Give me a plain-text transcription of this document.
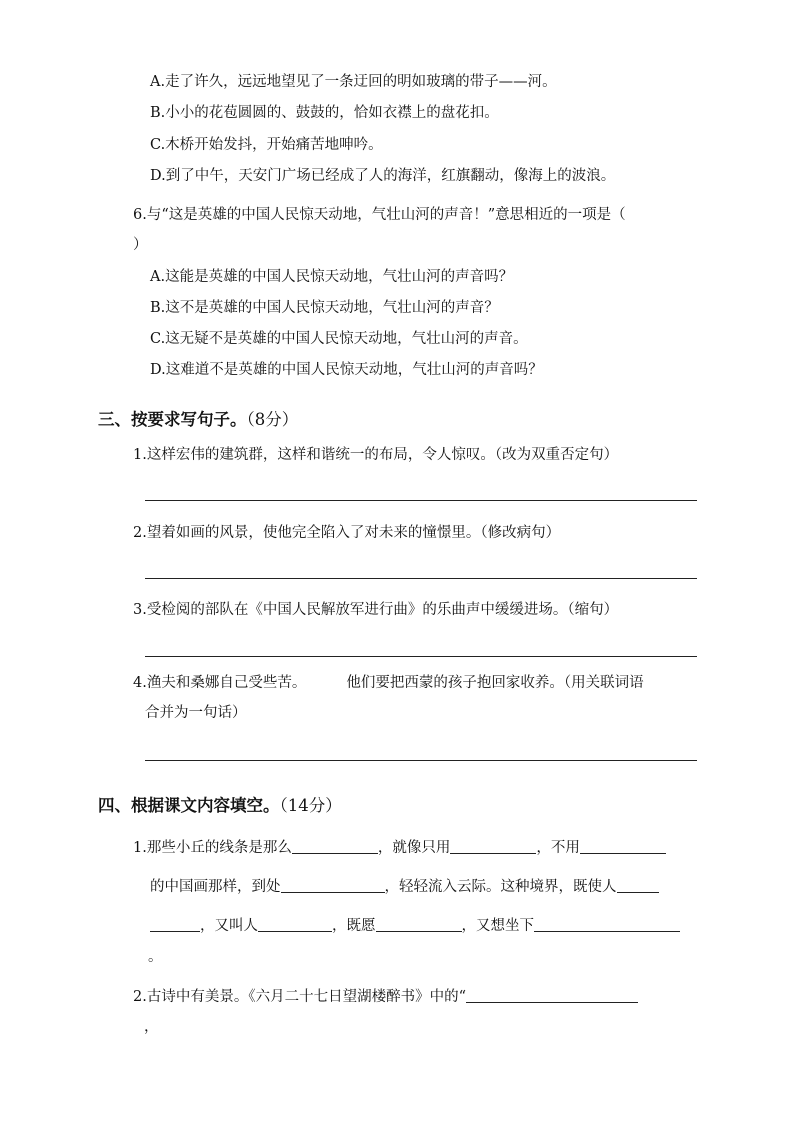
A.走了许久，远远地望见了一条迂回的明如玻璃的带子——河。
B.小小的花苞圆圆的、鼓鼓的，恰如衣襟上的盘花扣。
C.木桥开始发抖，开始痛苦地呻吟。
D.到了中午，天安门广场已经成了人的海洋，红旗翻动，像海上的波浪。
6.与“这是英雄的中国人民惊天动地，气壮山河的声音！”意思相近的一项是（
）
A.这能是英雄的中国人民惊天动地，气壮山河的声音吗？
B.这不是英雄的中国人民惊天动地，气壮山河的声音？
C.这无疑不是英雄的中国人民惊天动地，气壮山河的声音。
D.这难道不是英雄的中国人民惊天动地，气壮山河的声音吗？
三、按要求写句子。（8分）
1.这样宏伟的建筑群，这样和谐统一的布局，令人惊叹。（改为双重否定句）
2.望着如画的风景，使他完全陷入了对未来的憧憬里。（修改病句）
3.受检阅的部队在《中国人民解放军进行曲》的乐曲声中缓缓进场。（缩句）
4.渔夫和桑娜自己受些苦。	他们要把西蒙的孩子抱回家收养。（用关联词语
合并为一句话）
四、根据课文内容填空。（14分）
1.那些小丘的线条是那么	，就像只用	，不用
的中国画那样，到处	，轻轻流入云际。这种境界，既使人
，又叫人	，既愿	，又想坐下
。
2.古诗中有美景。《六月二十七日望湖楼醉书》中的“
，
